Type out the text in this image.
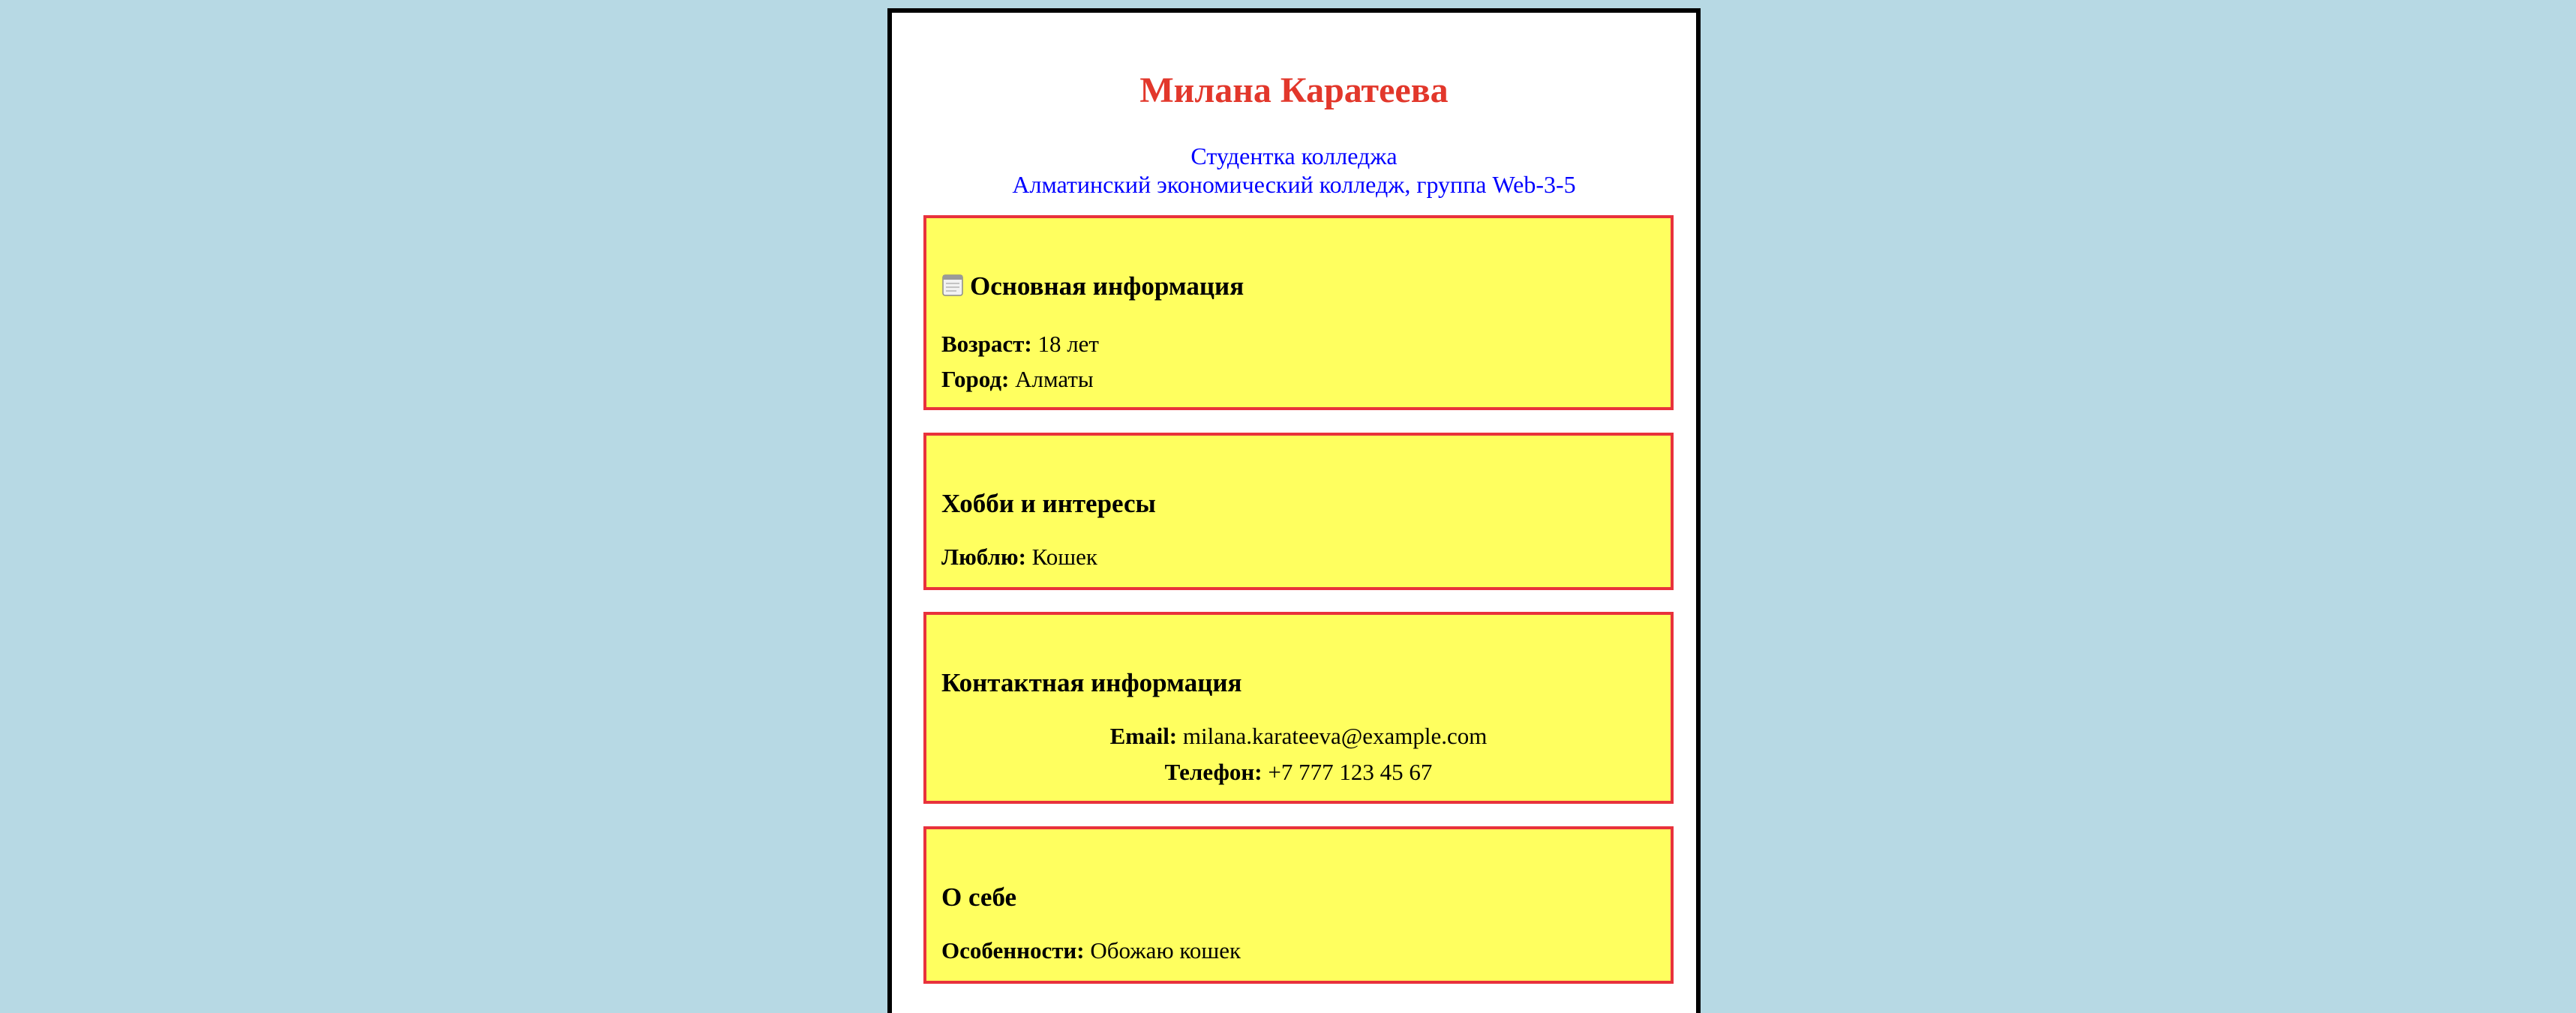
Милана Каратеева
Студентка колледжа
Алматинский экономический колледж, группа Web-3-5
Основная информация
Возраст: 18 лет
Город: Алматы
Хобби и интересы
Люблю: Кошек
Контактная информация
Email: milana.karateeva@example.com
Телефон: +7 777 123 45 67
О себе
Особенности: Обожаю кошек
